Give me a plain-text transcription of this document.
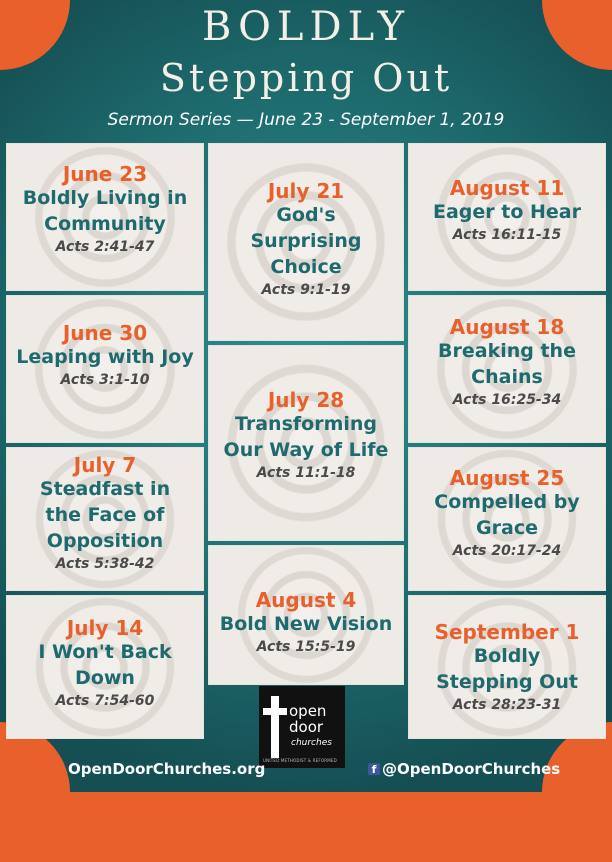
BOLDLY
Stepping Out
Sermon Series — June 23 - September 1, 2019
June 23
Boldly Living in
Community
Acts 2:41-47
June 30
Leaping with Joy
Acts 3:1-10
July 7
Steadfast in
the Face of
Opposition
Acts 5:38-42
July 14
I Won't Back
Down
Acts 7:54-60
July 21
God's
Surprising
Choice
Acts 9:1-19
July 28
Transforming
Our Way of Life
Acts 11:1-18
August 4
Bold New Vision
Acts 15:5-19
August 11
Eager to Hear
Acts 16:11-15
August 18
Breaking the
Chains
Acts 16:25-34
August 25
Compelled by
Grace
Acts 20:17-24
September 1
Boldly
Stepping Out
Acts 28:23-31
open
door
churches
UNITED METHODIST & REFORMED
OpenDoorChurches.org	f @OpenDoorChurches
